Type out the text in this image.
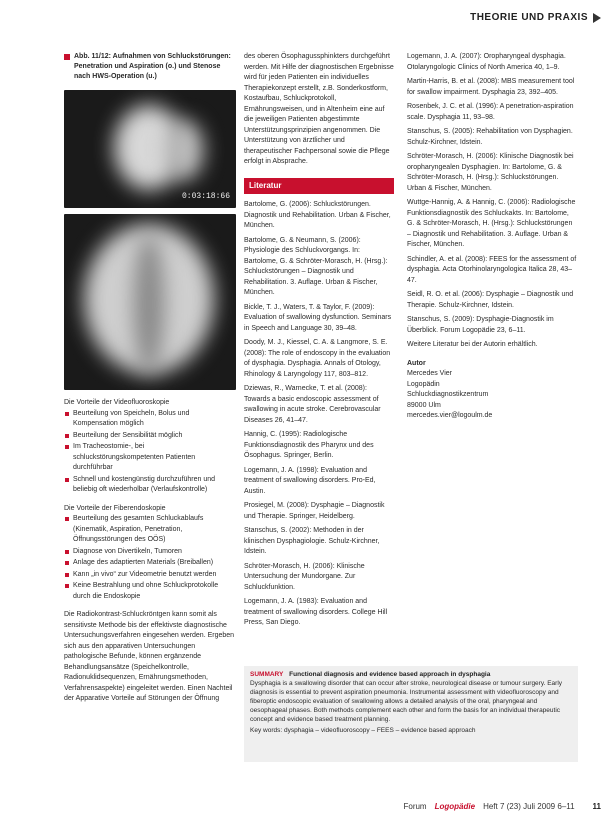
THEORIE UND PRAXIS
Abb. 11/12: Aufnahmen von Schluckstörungen: Penetration und Aspiration (o.) und Stenose nach HWS-Operation (u.)
0:03:18:66
Die Vorteile der Videofluoroskopie
Beurteilung von Speicheln, Bolus und Kompensation möglich
Beurteilung der Sensibilität möglich
Im Tracheostomie-, bei schluckstörungskompetenten Patienten durchführbar
Schnell und kostengünstig durchzuführen und beliebig oft wiederholbar (Verlaufskontrolle)
Die Vorteile der Fiberendoskopie
Beurteilung des gesamten Schluckablaufs (Kinematik, Aspiration, Penetration, Öffnungsstörungen des OÖS)
Diagnose von Divertikeln, Tumoren
Anlage des adaptierten Materials (Breiballen)
Kann „in vivo“ zur Videometrie benutzt werden
Keine Bestrahlung und ohne Schluckprotokolle durch die Endoskopie

Die Radiokontrast-Schluckröntgen kann somit als sensitivste Methode bis der effektivste diagnostische Untersuchungsverfahren eingesehen werden. Ergeben sich aus den apparativen Untersuchungen pathologische Befunde, können ergänzende Behandlungsansätze (Speichelkontrolle, Radionuklidsequenzen, Ernährungsmethoden, Verfahrensaspekte) eingeleitet werden. Einen Nachteil der Apparative Vorteile auf Störungen der Öffnung

des oberen Ösophagussphinkters durchgeführt werden. Mit Hilfe der diagnostischen Ergebnisse wird für jeden Patienten ein individuelles Therapiekonzept erstellt, z.B. Sonderkostform, Kostaufbau, Schluckprotokoll, Ernährungsweisen, und in Altenheim eine auf die jeweiligen Patienten abgestimmte Unterstützungsprinzipien angenommen. Die Unterstützung von ärztlicher und therapeutischer Fachpersonal sowie die Pflege erfolgt in Absprache.

Literatur
Bartolome, G. (2006): Schluckstörungen. Diagnostik und Rehabilitation. Urban & Fischer, München.
Bartolome, G. & Neumann, S. (2006): Physiologie des Schluckvorgangs. In: Bartolome, G. & Schröter-Morasch, H. (Hrsg.): Schluckstörungen – Diagnostik und Rehabilitation. 3. Auflage. Urban & Fischer, München.
Bickle, T. J., Waters, T. & Taylor, F. (2009): Evaluation of swallowing dysfunction. Seminars in Speech and Language 30, 39–48.
Doody, M. J., Kiessel, C. A. & Langmore, S. E. (2008): The role of endoscopy in the evaluation of dysphagia. Dysphagia. Annals of Otology, Rhinology & Laryngology 117, 803–812.
Dziewas, R., Warnecke, T. et al. (2008): Towards a basic endoscopic assessment of swallowing in acute stroke. Cerebrovascular Diseases 26, 41–47.
Hannig, C. (1995): Radiologische Funktionsdiagnostik des Pharynx und des Ösophagus. Springer, Berlin.
Logemann, J. A. (1998): Evaluation and treatment of swallowing disorders. Pro-Ed, Austin.
Prosiegel, M. (2008): Dysphagie – Diagnostik und Therapie. Springer, Heidelberg.
Stanschus, S. (2002): Methoden in der klinischen Dysphagiologie. Schulz-Kirchner, Idstein.
Schröter-Morasch, H. (2006): Klinische Untersuchung der Mundorgane. Zur Schluckfunktion.
Logemann, J. A. (1983): Evaluation and treatment of swallowing disorders. College Hill Press, San Diego.
Logemann, J. A. (2007): Oropharyngeal dysphagia. Otolaryngologic Clinics of North America 40, 1–9.
Martin-Harris, B. et al. (2008): MBS measurement tool for swallow impairment. Dysphagia 23, 392–405.
Rosenbek, J. C. et al. (1996): A penetration-aspiration scale. Dysphagia 11, 93–98.
Stanschus, S. (2005): Rehabilitation von Dysphagien. Schulz-Kirchner, Idstein.
Schröter-Morasch, H. (2006): Klinische Diagnostik bei oropharyngealen Dysphagien. In: Bartolome, G. & Schröter-Morasch, H. (Hrsg.): Schluckstörungen. Urban & Fischer, München.
Wuttge-Hannig, A. & Hannig, C. (2006): Radiologische Funktionsdiagnostik des Schluckakts. In: Bartolome, G. & Schröter-Morasch, H. (Hrsg.): Schluckstörungen – Diagnostik und Rehabilitation. 3. Auflage. Urban & Fischer, München.
Schindler, A. et al. (2008): FEES for the assessment of dysphagia. Acta Otorhinolaryngologica Italica 28, 43–47.
Seidl, R. O. et al. (2006): Dysphagie – Diagnostik und Therapie. Schulz-Kirchner, Idstein.
Stanschus, S. (2009): Dysphagie-Diagnostik im Überblick. Forum Logopädie 23, 6–11.
Weitere Literatur bei der Autorin erhältlich.
Autor
Mercedes Vier
Logopädin
Schluckdiagnostikzentrum
89000 Ulm
mercedes.vier@logoulm.de
SUMMARY Functional diagnosis and evidence based approach in dysphagia
Dysphagia is a swallowing disorder that can occur after stroke, neurological disease or tumour surgery. Early diagnosis is essential to prevent aspiration pneumonia. Instrumental assessment with videofluoroscopy and fiberoptic endoscopic evaluation of swallowing allows a detailed analysis of the oral, pharyngeal and oesophageal phases. Both methods complement each other and form the basis for an individual therapeutic concept and evidence based treatment planning.
Key words: dysphagia – videofluoroscopy – FEES – evidence based approach
Forum Logopädie Heft 7 (23) Juli 2009 6–11 11
